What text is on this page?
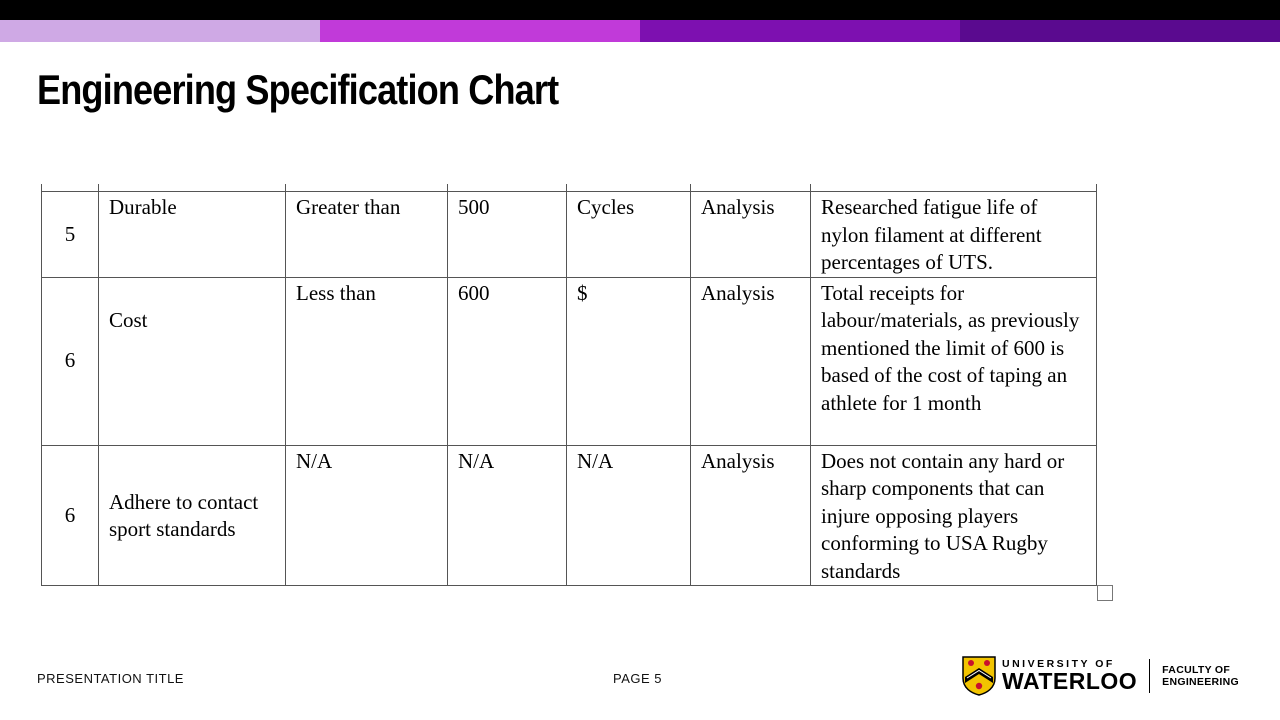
Engineering Specification Chart
5	Durable	Greater than	500	Cycles	Analysis	Researched fatigue life of nylon filament at different percentages of UTS.
6	Cost	Less than	600	$	Analysis	Total receipts for labour/materials, as previously mentioned the limit of 600 is based of the cost of taping an athlete for 1 month
6	Adhere to contact sport standards	N/A	N/A	N/A	Analysis	Does not contain any hard or sharp components that can injure opposing players conforming to USA Rugby standards
PRESENTATION TITLE	PAGE 5
UNIVERSITY OF
WATERLOO FACULTY OF
ENGINEERING
